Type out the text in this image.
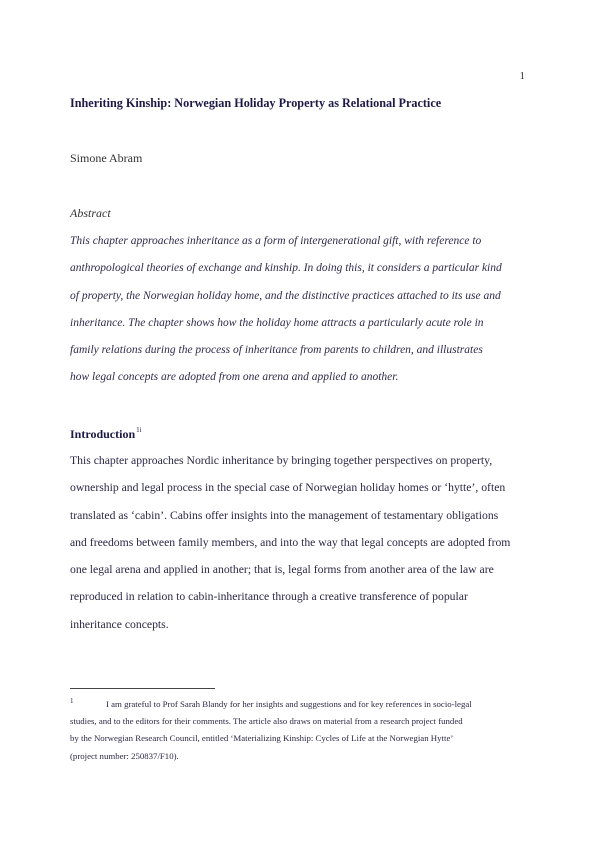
1
Inheriting Kinship: Norwegian Holiday Property as Relational Practice
Simone Abram
Abstract
This chapter approaches inheritance as a form of intergenerational gift, with reference to
anthropological theories of exchange and kinship. In doing this, it considers a particular kind
of property, the Norwegian holiday home, and the distinctive practices attached to its use and
inheritance. The chapter shows how the holiday home attracts a particularly acute role in
family relations during the process of inheritance from parents to children, and illustrates
how legal concepts are adopted from one arena and applied to another.
Introduction$^{1i}$
This chapter approaches Nordic inheritance by bringing together perspectives on property,
ownership and legal process in the special case of Norwegian holiday homes or ‘hytte’, often
translated as ‘cabin’. Cabins offer insights into the management of testamentary obligations
and freedoms between family members, and into the way that legal concepts are adopted from
one legal arena and applied in another; that is, legal forms from another area of the law are
reproduced in relation to cabin-inheritance through a creative transference of popular
inheritance concepts.
1	I am grateful to Prof Sarah Blandy for her insights and suggestions and for key references in socio-legal
studies, and to the editors for their comments. The article also draws on material from a research project funded
by the Norwegian Research Council, entitled ‘Materializing Kinship: Cycles of Life at the Norwegian Hytte’
(project number: 250837/F10).
